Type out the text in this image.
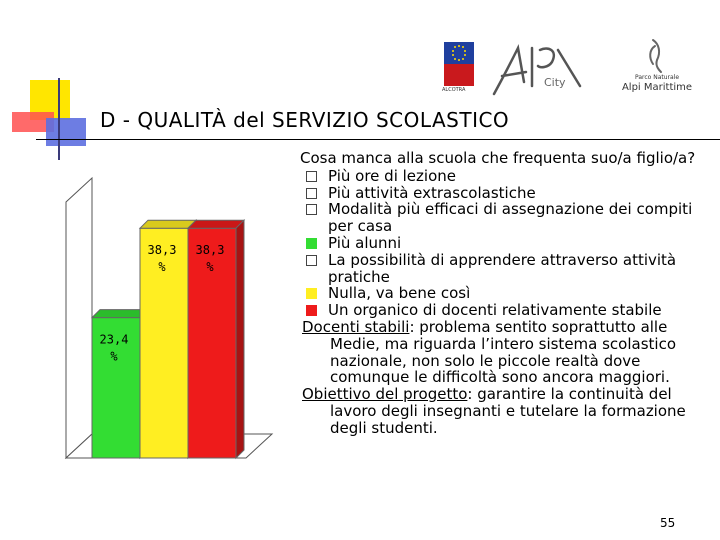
D - QUALITÀ del SERVIZIO SCOLASTICO
ALCOTRA
City	Parco Naturale
Alpi Marittime
23,4
%
38,3
%
38,3
%
Cosa manca alla scuola che frequenta suo/a figlio/a?
Più ore di lezione
Più attività extrascolastiche
Modalità più efficaci di assegnazione dei compiti per casa
Più alunni
La possibilità di apprendere attraverso attività pratiche
Nulla, va bene così
Un organico di docenti relativamente stabile
Docenti stabili: problema sentito soprattutto alle Medie, ma riguarda l’intero sistema scolastico nazionale, non solo le piccole realtà dove comunque le difficoltà sono ancora maggiori.
Obiettivo del progetto: garantire la continuità del lavoro degli insegnanti e tutelare la formazione degli studenti.
55
